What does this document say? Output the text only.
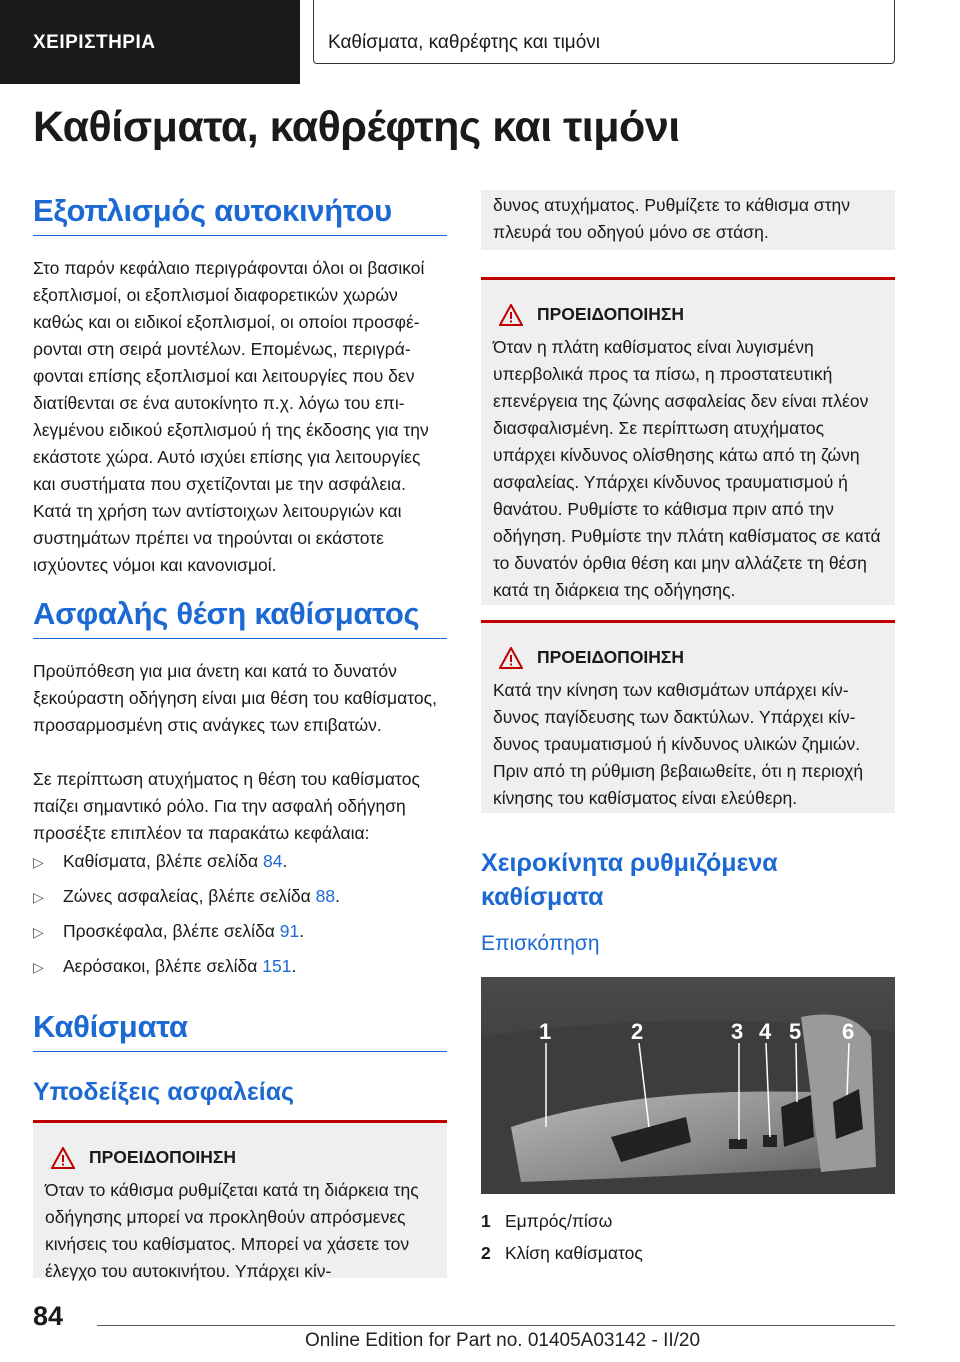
ΧΕΙΡΙΣΤΗΡΙΑ	Καθίσματα, καθρέφτης και τιμόνι
Καθίσματα, καθρέφτης και τιμόνι
Εξοπλισμός αυτοκινήτου

Στο παρόν κεφάλαιο περιγράφονται όλοι οι βασικοί εξοπλισμοί, οι εξοπλισμοί διαφορετικών χωρών καθώς και οι ειδικοί εξοπλισμοί, οι οποίοι προσφέρονται στη σειρά μοντέλων. Επομένως, περιγράφονται επίσης εξοπλισμοί και λειτουργίες που δεν διατίθενται σε ένα αυτοκίνητο π.χ. λόγω του επιλεγμένου ειδικού εξοπλισμού ή της έκδοσης για την εκάστοτε χώρα. Αυτό ισχύει επίσης για λειτουργίες και συστήματα που σχετίζονται με την ασφάλεια. Κατά τη χρήση των αντίστοιχων λειτουργιών και συστημάτων πρέπει να τηρούνται οι εκάστοτε ισχύοντες νόμοι και κανονισμοί.

Ασφαλής θέση καθίσματος

Προϋπόθεση για μια άνετη και κατά το δυνατόν ξεκούραστη οδήγηση είναι μια θέση του καθίσματος, προσαρμοσμένη στις ανάγκες των επιβατών.

Σε περίπτωση ατυχήματος η θέση του καθίσματος παίζει σημαντικό ρόλο. Για την ασφαλή οδήγηση προσέξτε επιπλέον τα παρακάτω κεφάλαια:

▷ Καθίσματα, βλέπε σελίδα 84.
▷ Ζώνες ασφαλείας, βλέπε σελίδα 88.
▷ Προσκέφαλα, βλέπε σελίδα 91.
▷ Αερόσακοι, βλέπε σελίδα 151.
Καθίσματα
Υποδείξεις ασφαλείας
ΠΡΟΕΙΔΟΠΟΙΗΣΗ
Όταν το κάθισμα ρυθμίζεται κατά τη διάρκεια της οδήγησης μπορεί να προκληθούν απρόσμενες κινήσεις του καθίσματος. Μπορεί να χάσετε τον έλεγχο του αυτοκινήτου. Υπάρχει κίν-
δυνος ατυχήματος. Ρυθμίζετε το κάθισμα στην πλευρά του οδηγού μόνο σε στάση.
ΠΡΟΕΙΔΟΠΟΙΗΣΗ
Όταν η πλάτη καθίσματος είναι λυγισμένη υπερβολικά προς τα πίσω, η προστατευτική επενέργεια της ζώνης ασφαλείας δεν είναι πλέον διασφαλισμένη. Σε περίπτωση ατυχήματος υπάρχει κίνδυνος ολίσθησης κάτω από τη ζώνη ασφαλείας. Υπάρχει κίνδυνος τραυματισμού ή θανάτου. Ρυθμίστε το κάθισμα πριν από την οδήγηση. Ρυθμίστε την πλάτη καθίσματος σε κατά το δυνατόν όρθια θέση και μην αλλάζετε τη θέση κατά τη διάρκεια της οδήγησης.
ΠΡΟΕΙΔΟΠΟΙΗΣΗ
Κατά την κίνηση των καθισμάτων υπάρχει κίνδυνος παγίδευσης των δακτύλων. Υπάρχει κίνδυνος τραυματισμού ή κίνδυνος υλικών ζημιών. Πριν από τη ρύθμιση βεβαιωθείτε, ότι η περιοχή κίνησης του καθίσματος είναι ελεύθερη.
Χειροκίνητα ρυθμιζόμενα καθίσματα
Επισκόπηση
1	2	3 4 5 6
1 Εμπρός/πίσω
2 Κλίση καθίσματος
84
Online Edition for Part no. 01405A03142 - II/20
